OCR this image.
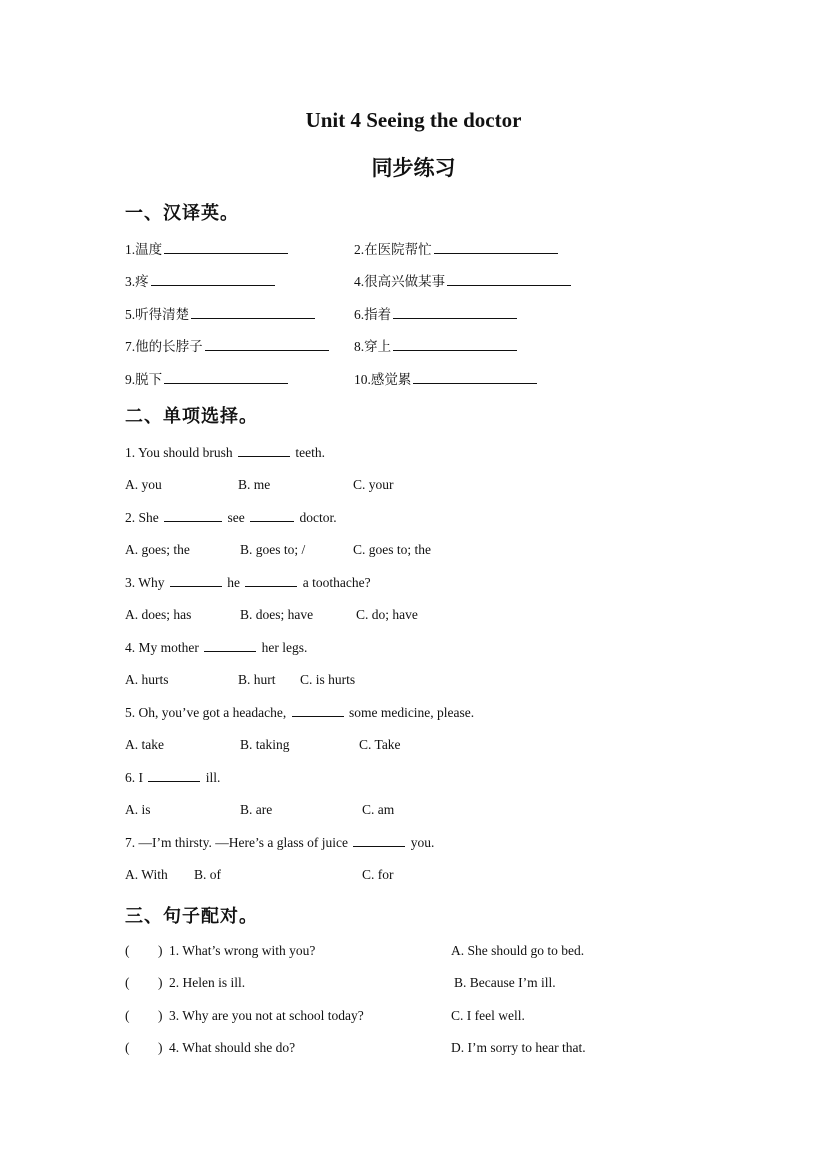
Unit 4 Seeing the doctor
同步练习
一、汉译英。
1.温度	2.在医院帮忙
3.疼	4.很高兴做某事
5.听得清楚	6.指着
7.他的长脖子	8.穿上
9.脱下	10.感觉累
二、单项选择。
1. You should brush	teeth.
A. you	B. me	C. your
2. She	see	doctor.
A. goes; the	B. goes to; /	C. goes to; the
3. Why	he	a toothache?
A. does; has	B. does; have	C. do; have
4. My mother	her legs.
A. hurts	B. hurt C. is hurts
5. Oh, you’ve got a headache,	some medicine, please.
A. take	B. taking	C. Take
6. I	ill.
A. is	B. are	C. am
7. —I’m thirsty. —Here’s a glass of juice	you.
A. With B. of	C. for
三、句子配对。
( ) 1. What’s wrong with you?	A. She should go to bed.
( ) 2. Helen is ill.	B. Because I’m ill.
( ) 3. Why are you not at school today?	C. I feel well.
( ) 4. What should she do?	D. I’m sorry to hear that.
